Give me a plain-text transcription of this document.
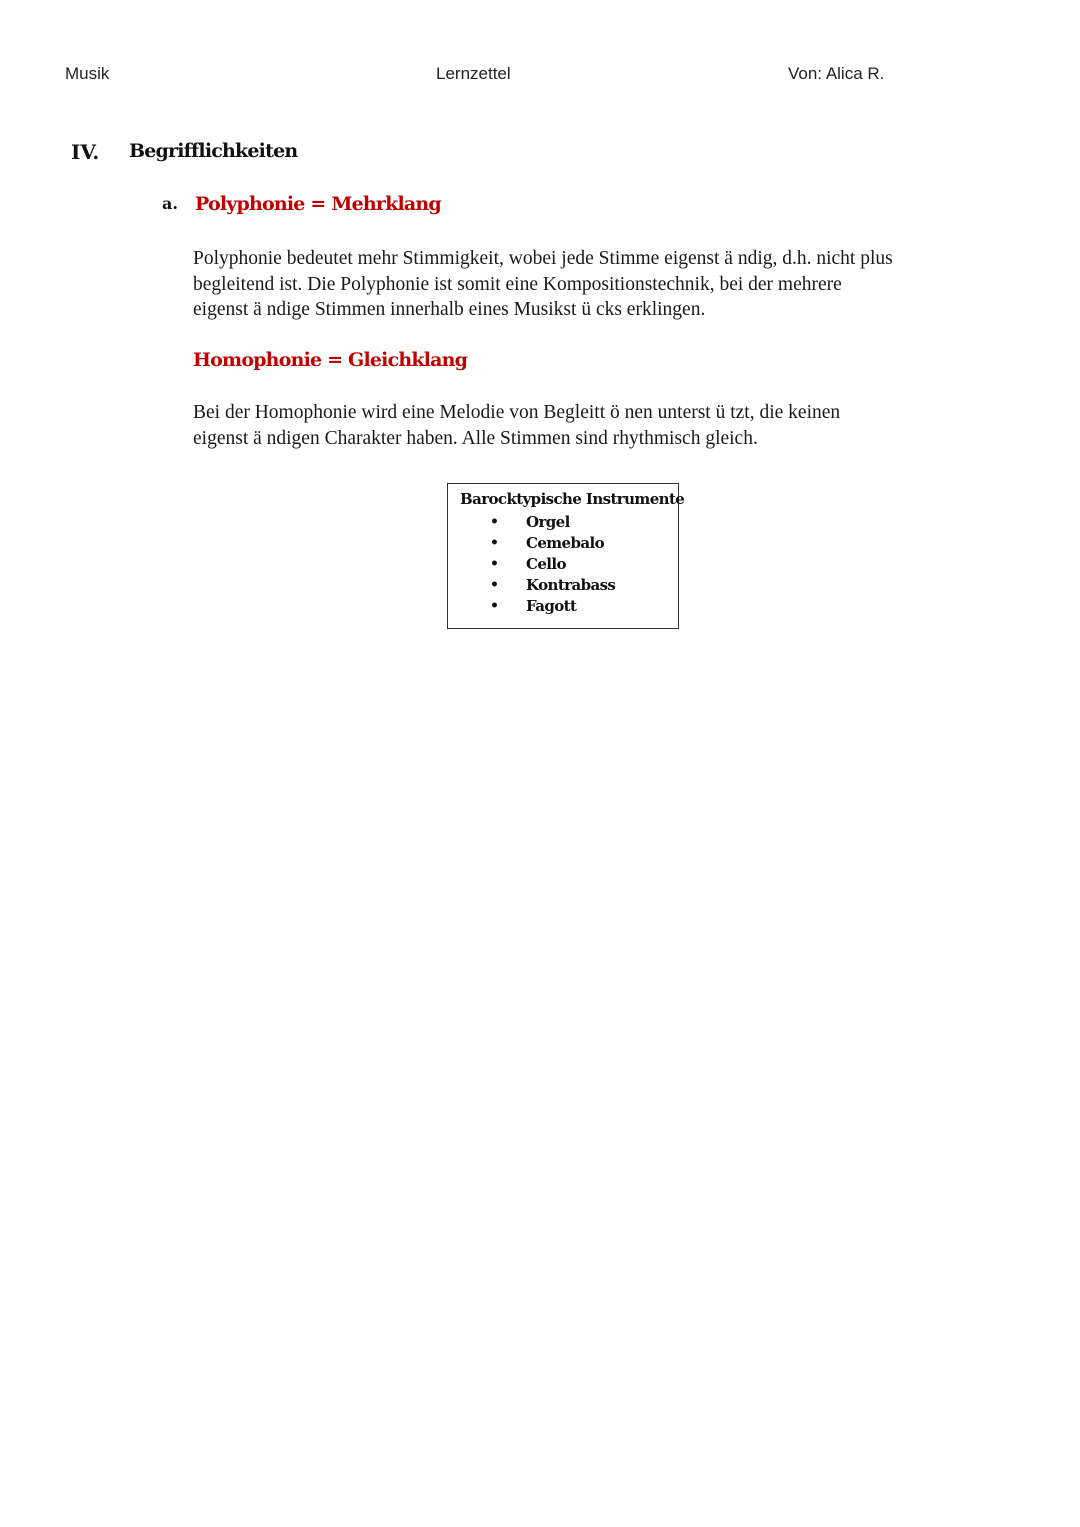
Musik	Lernzettel	Von: Alica R.
IV. Begrifflichkeiten
a. Polyphonie = Mehrklang
Polyphonie bedeutet mehr Stimmigkeit, wobei jede Stimme eigenst ä ndig, d.h. nicht plus
begleitend ist. Die Polyphonie ist somit eine Kompositionstechnik, bei der mehrere
eigenst ä ndige Stimmen innerhalb eines Musikst ü cks erklingen.
Homophonie = Gleichklang
Bei der Homophonie wird eine Melodie von Begleitt ö nen unterst ü tzt, die keinen
eigenst ä ndigen Charakter haben. Alle Stimmen sind rhythmisch gleich.
Barocktypische Instrumente
• Orgel
• Cemebalo
• Cello
• Kontrabass
• Fagott
